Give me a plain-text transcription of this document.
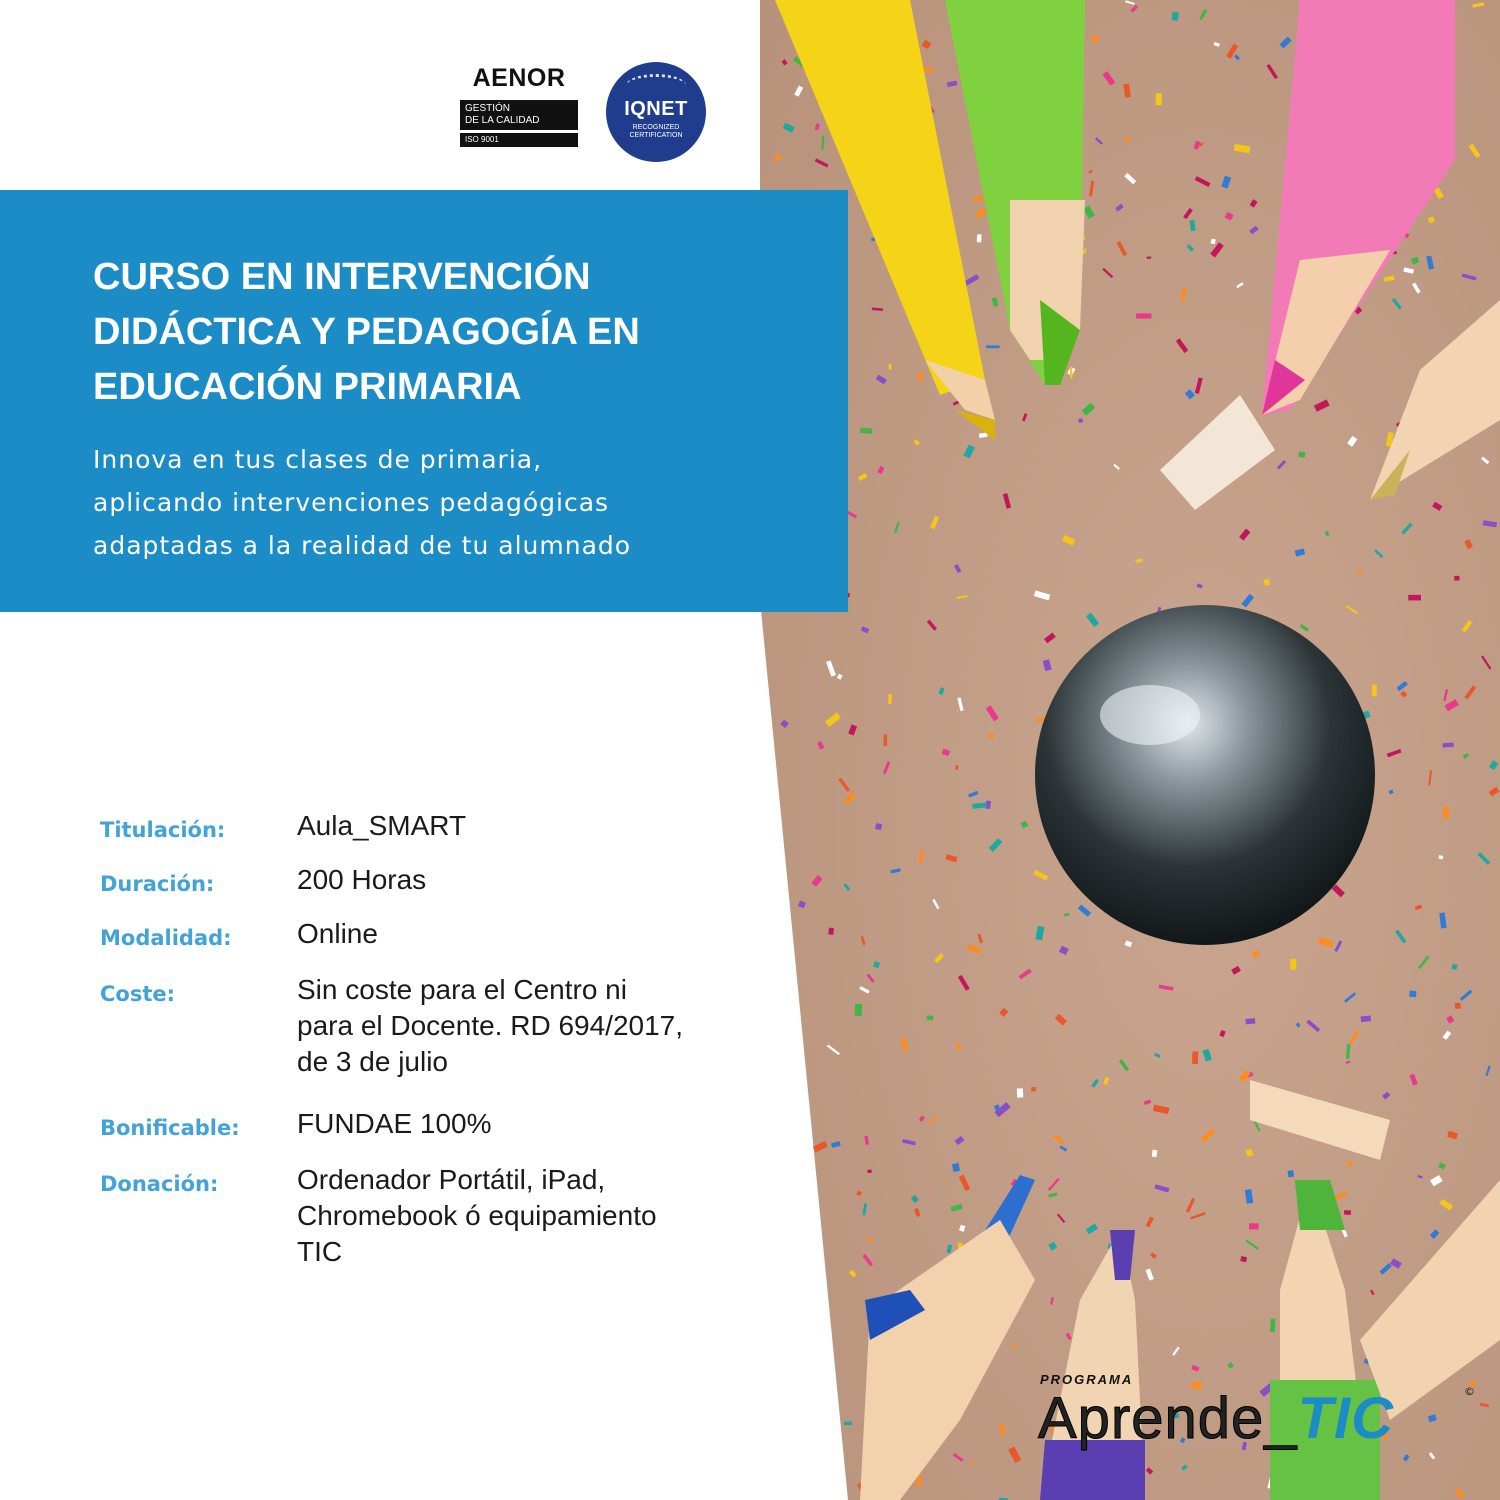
AENOR
GESTIÓN
DE LA CALIDAD
ISO 9001
IQNET
RECOGNIZED
CERTIFICATION
CURSO EN INTERVENCIÓN
DIDÁCTICA Y PEDAGOGÍA EN
EDUCACIÓN PRIMARIA
Innova en tus clases de primaria,
aplicando intervenciones pedagógicas
adaptadas a la realidad de tu alumnado
Titulación:	Aula_SMART
Duración:	200 Horas
Modalidad: Online
Coste:	Sin coste para el Centro ni
para el Docente. RD 694/2017,
de 3 de julio
Bonificable: FUNDAE 100%
Donación:	Ordenador Portátil, iPad,
Chromebook ó equipamiento
TIC
PROGRAMA
Aprende_TIC	©
